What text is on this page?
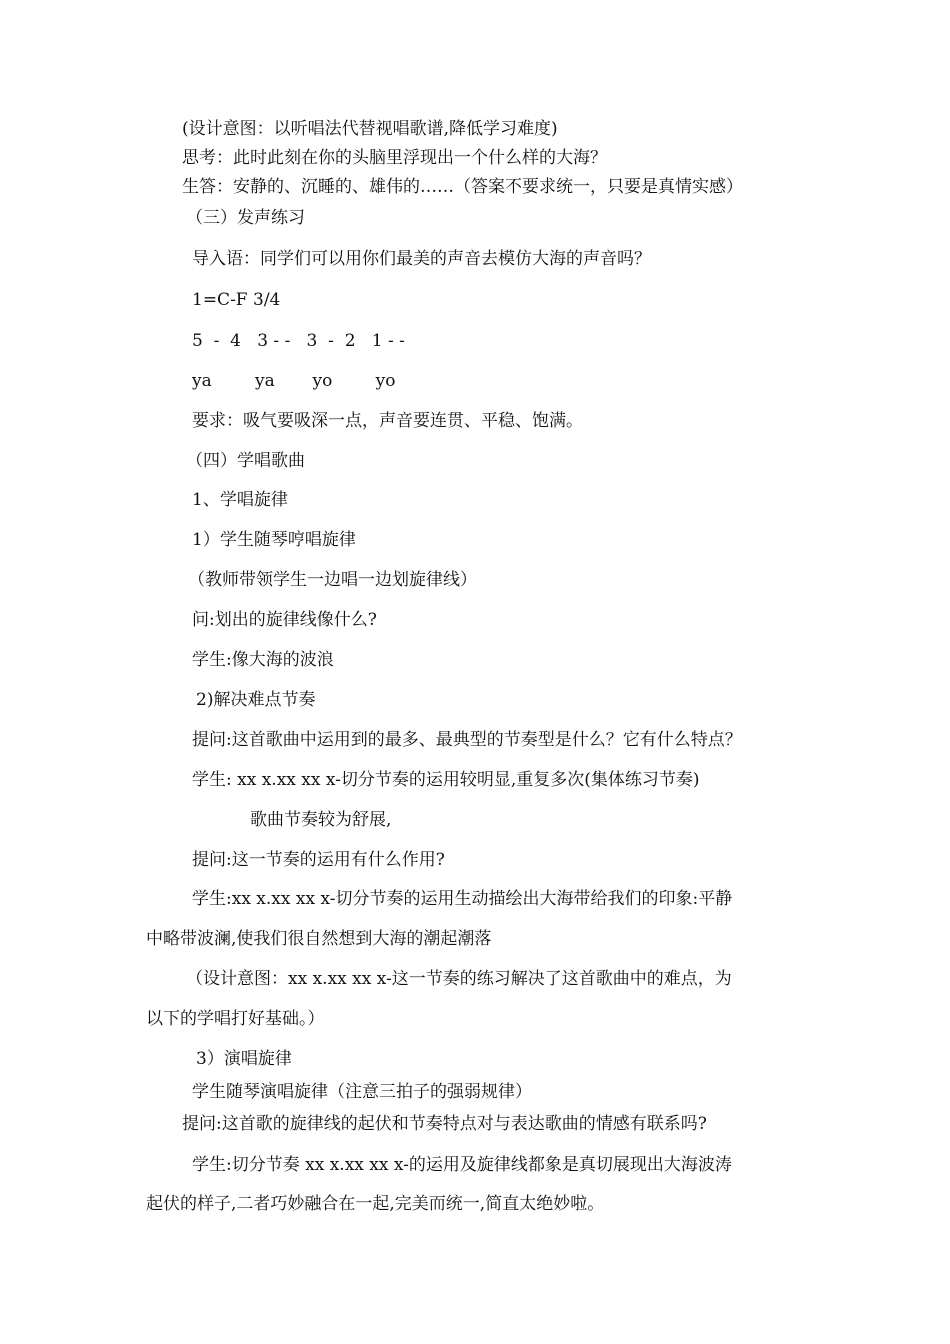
(设计意图：以听唱法代替视唱歌谱,降低学习难度)
思考：此时此刻在你的头脑里浮现出一个什么样的大海？
生答：安静的、沉睡的、雄伟的……（答案不要求统一，只要是真情实感）
（三）发声练习
导入语：同学们可以用你们最美的声音去模仿大海的声音吗？
1=C-F 3/4
5  -  4   3 - -   3  -  2   1 - -
ya        ya       yo        yo
要求：吸气要吸深一点，声音要连贯、平稳、饱满。
（四）学唱歌曲
1、学唱旋律
1）学生随琴哼唱旋律
（教师带领学生一边唱一边划旋律线）
问:划出的旋律线像什么?
学生:像大海的波浪
2)解决难点节奏
提问:这首歌曲中运用到的最多、最典型的节奏型是什么？它有什么特点？
学生: xx x.xx xx x-切分节奏的运用较明显,重复多次(集体练习节奏)
歌曲节奏较为舒展,
提问:这一节奏的运用有什么作用?
学生:xx x.xx xx x-切分节奏的运用生动描绘出大海带给我们的印象:平静
中略带波澜,使我们很自然想到大海的潮起潮落
（设计意图：xx x.xx xx x-这一节奏的练习解决了这首歌曲中的难点，为
以下的学唱打好基础。）
3）演唱旋律
学生随琴演唱旋律（注意三拍子的强弱规律）
提问:这首歌的旋律线的起伏和节奏特点对与表达歌曲的情感有联系吗?
学生:切分节奏 xx x.xx xx x-的运用及旋律线都象是真切展现出大海波涛
起伏的样子,二者巧妙融合在一起,完美而统一,简直太绝妙啦。
